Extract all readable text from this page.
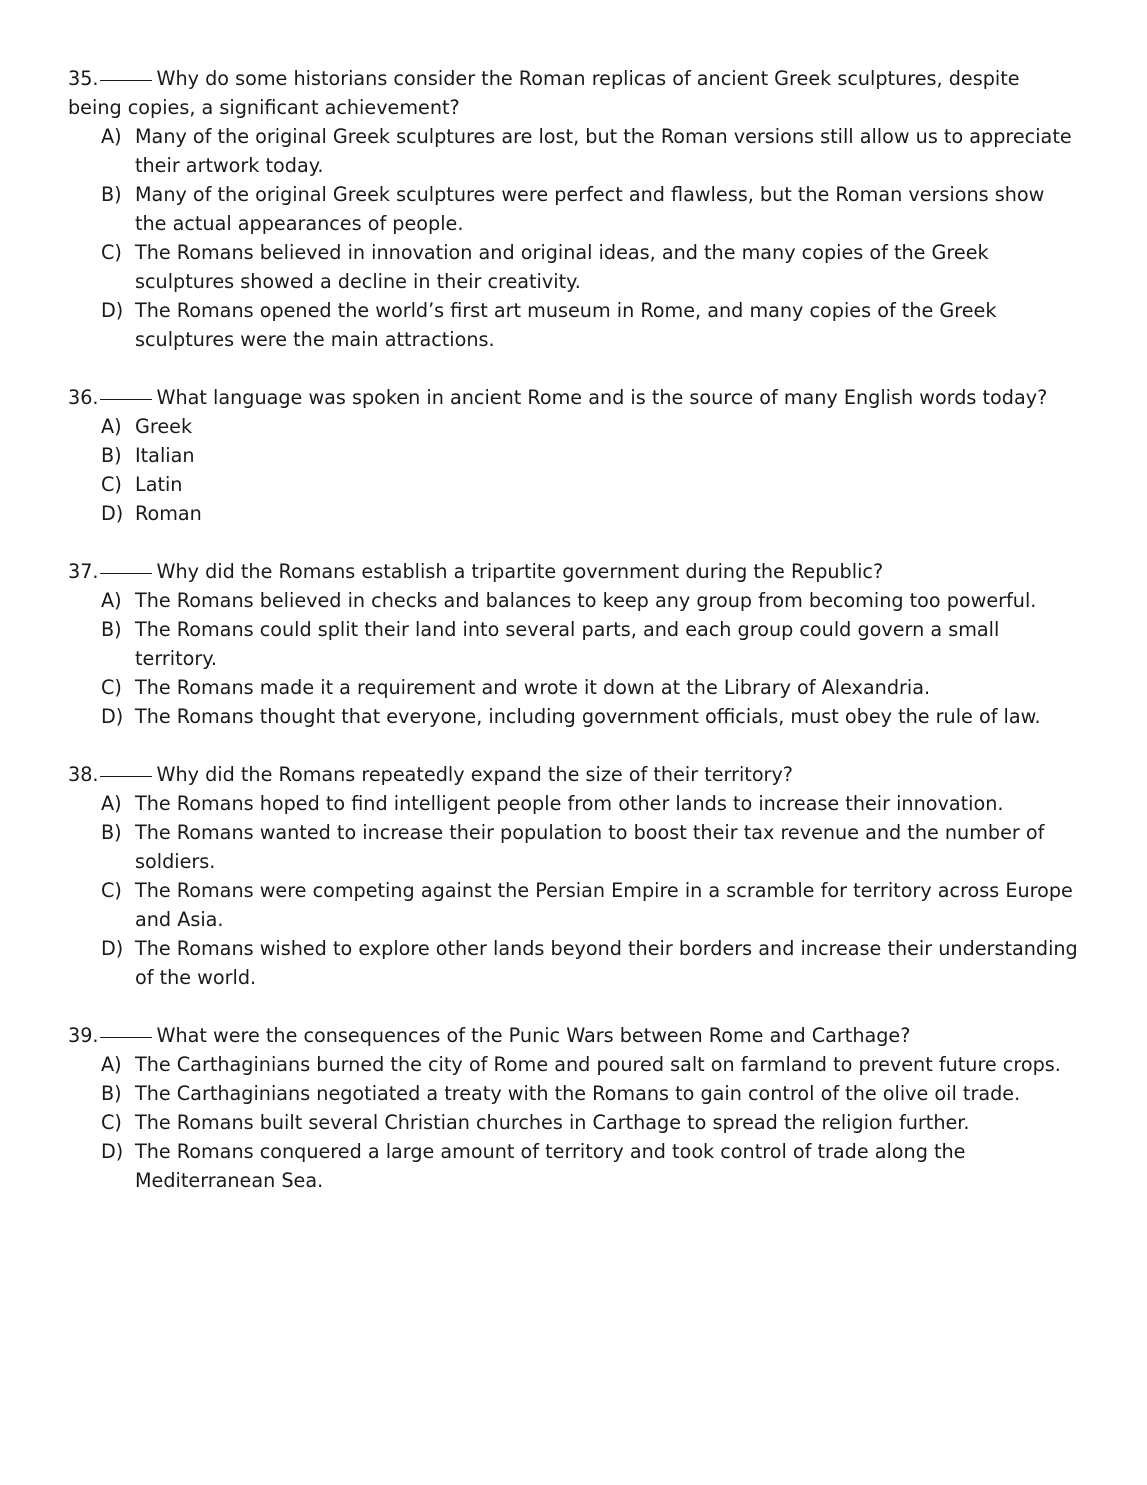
35.	Why do some historians consider the Roman replicas of ancient Greek sculptures, despite being copies, a significant achievement?

A) Many of the original Greek sculptures are lost, but the Roman versions still allow us to appreciate their artwork today.
B) Many of the original Greek sculptures were perfect and flawless, but the Roman versions show the actual appearances of people.
C) The Romans believed in innovation and original ideas, and the many copies of the Greek sculptures showed a decline in their creativity.
D) The Romans opened the world’s first art museum in Rome, and many copies of the Greek sculptures were the main attractions.

36.	What language was spoken in ancient Rome and is the source of many English words today?

A) Greek
B) Italian
C) Latin
D) Roman

37.	Why did the Romans establish a tripartite government during the Republic?

A) The Romans believed in checks and balances to keep any group from becoming too powerful.
B) The Romans could split their land into several parts, and each group could govern a small territory.
C) The Romans made it a requirement and wrote it down at the Library of Alexandria.
D) The Romans thought that everyone, including government officials, must obey the rule of law.

38.	Why did the Romans repeatedly expand the size of their territory?

A) The Romans hoped to find intelligent people from other lands to increase their innovation.
B) The Romans wanted to increase their population to boost their tax revenue and the number of soldiers.
C) The Romans were competing against the Persian Empire in a scramble for territory across Europe and Asia.
D) The Romans wished to explore other lands beyond their borders and increase their understanding of the world.

39.	What were the consequences of the Punic Wars between Rome and Carthage?

A) The Carthaginians burned the city of Rome and poured salt on farmland to prevent future crops.
B) The Carthaginians negotiated a treaty with the Romans to gain control of the olive oil trade.
C) The Romans built several Christian churches in Carthage to spread the religion further.
D) The Romans conquered a large amount of territory and took control of trade along the Mediterranean Sea.
